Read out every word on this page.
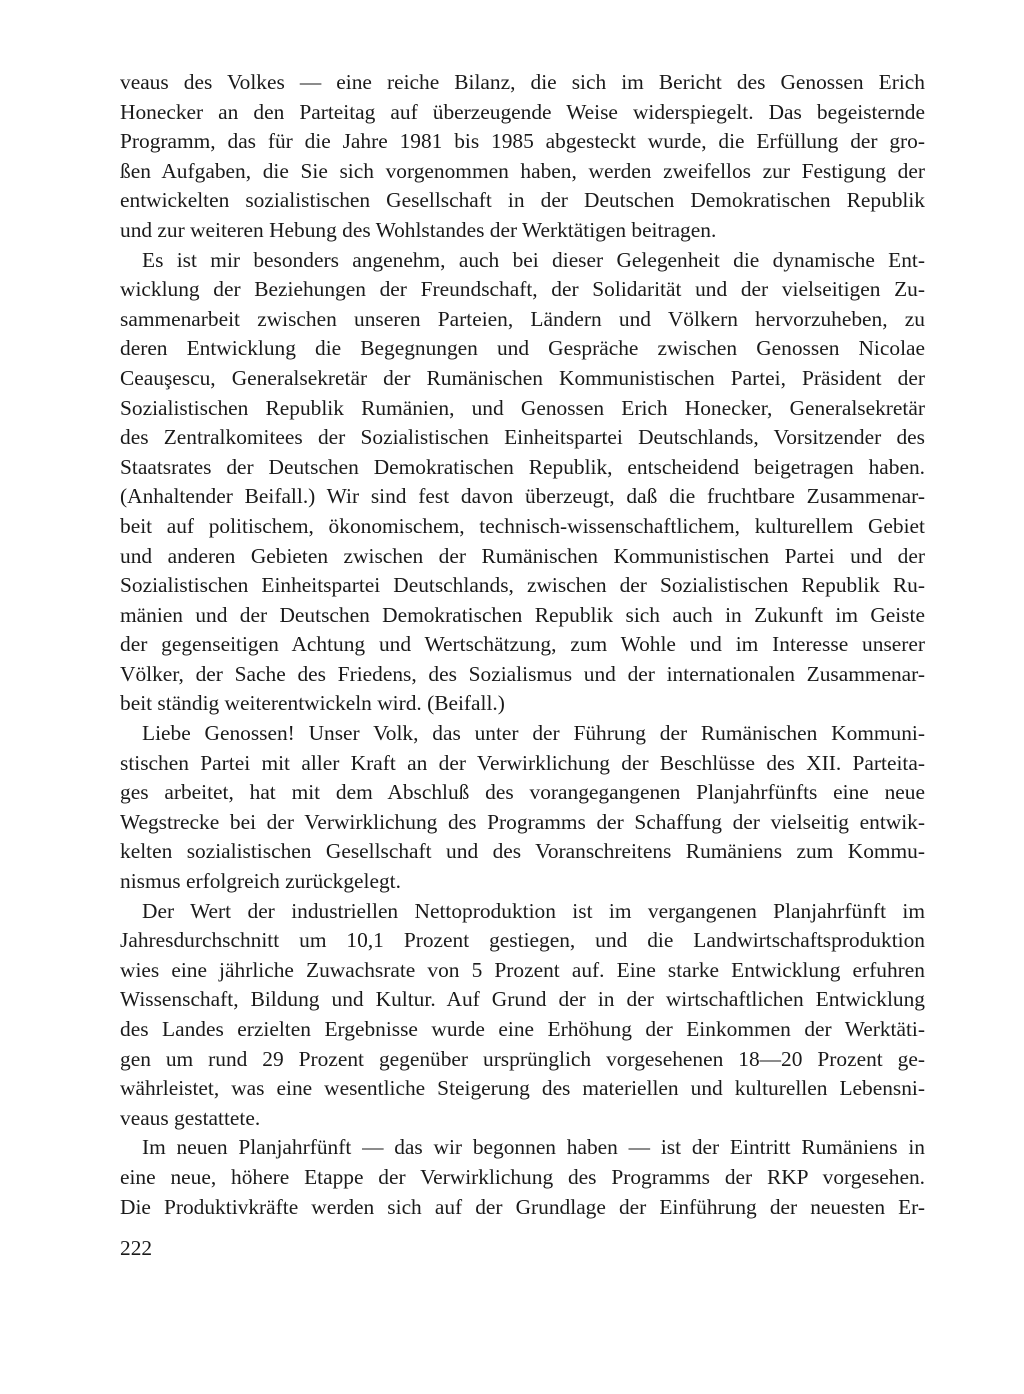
veaus des Volkes — eine reiche Bilanz, die sich im Bericht des Genossen Erich
Honecker an den Parteitag auf überzeugende Weise widerspiegelt. Das begeisternde
Programm, das für die Jahre 1981 bis 1985 abgesteckt wurde, die Erfüllung der gro-
ßen Aufgaben, die Sie sich vorgenommen haben, werden zweifellos zur Festigung der
entwickelten sozialistischen Gesellschaft in der Deutschen Demokratischen Republik
und zur weiteren Hebung des Wohlstandes der Werktätigen beitragen.
Es ist mir besonders angenehm, auch bei dieser Gelegenheit die dynamische Ent-
wicklung der Beziehungen der Freundschaft, der Solidarität und der vielseitigen Zu-
sammenarbeit zwischen unseren Parteien, Ländern und Völkern hervorzuheben, zu
deren Entwicklung die Begegnungen und Gespräche zwischen Genossen Nicolae
Ceauşescu, Generalsekretär der Rumänischen Kommunistischen Partei, Präsident der
Sozialistischen Republik Rumänien, und Genossen Erich Honecker, Generalsekretär
des Zentralkomitees der Sozialistischen Einheitspartei Deutschlands, Vorsitzender des
Staatsrates der Deutschen Demokratischen Republik, entscheidend beigetragen haben.
(Anhaltender Beifall.) Wir sind fest davon überzeugt, daß die fruchtbare Zusammenar-
beit auf politischem, ökonomischem, technisch-wissenschaftlichem, kulturellem Gebiet
und anderen Gebieten zwischen der Rumänischen Kommunistischen Partei und der
Sozialistischen Einheitspartei Deutschlands, zwischen der Sozialistischen Republik Ru-
mänien und der Deutschen Demokratischen Republik sich auch in Zukunft im Geiste
der gegenseitigen Achtung und Wertschätzung, zum Wohle und im Interesse unserer
Völker, der Sache des Friedens, des Sozialismus und der internationalen Zusammenar-
beit ständig weiterentwickeln wird. (Beifall.)
Liebe Genossen! Unser Volk, das unter der Führung der Rumänischen Kommuni-
stischen Partei mit aller Kraft an der Verwirklichung der Beschlüsse des XII. Parteita-
ges arbeitet, hat mit dem Abschluß des vorangegangenen Planjahrfünfts eine neue
Wegstrecke bei der Verwirklichung des Programms der Schaffung der vielseitig entwik-
kelten sozialistischen Gesellschaft und des Voranschreitens Rumäniens zum Kommu-
nismus erfolgreich zurückgelegt.
Der Wert der industriellen Nettoproduktion ist im vergangenen Planjahrfünft im
Jahresdurchschnitt um 10,1 Prozent gestiegen, und die Landwirtschaftsproduktion
wies eine jährliche Zuwachsrate von 5 Prozent auf. Eine starke Entwicklung erfuhren
Wissenschaft, Bildung und Kultur. Auf Grund der in der wirtschaftlichen Entwicklung
des Landes erzielten Ergebnisse wurde eine Erhöhung der Einkommen der Werktäti-
gen um rund 29 Prozent gegenüber ursprünglich vorgesehenen 18—20 Prozent ge-
währleistet, was eine wesentliche Steigerung des materiellen und kulturellen Lebensni-
veaus gestattete.
Im neuen Planjahrfünft — das wir begonnen haben — ist der Eintritt Rumäniens in
eine neue, höhere Etappe der Verwirklichung des Programms der RKP vorgesehen.
Die Produktivkräfte werden sich auf der Grundlage der Einführung der neuesten Er-
222
